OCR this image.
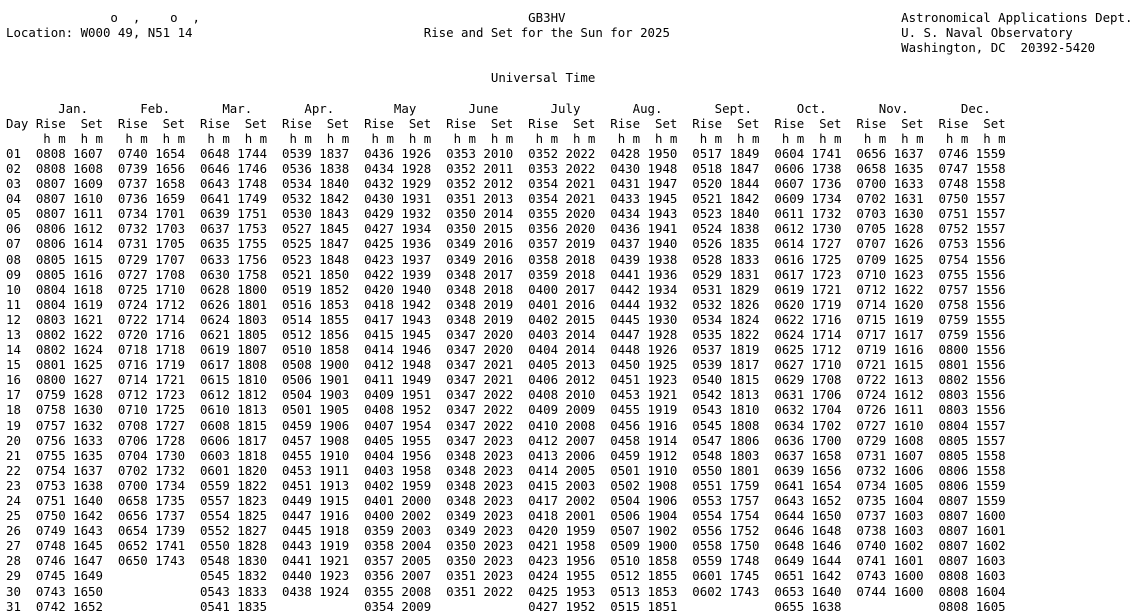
o  ,    o  ,                                            GB3HV                                             Astronomical Applications Dept.
Location: W000 49, N51 14                               Rise and Set for the Sun for 2025                               U. S. Naval Observatory
Washington, DC  20392-5420

Universal Time

Jan.       Feb.       Mar.       Apr.        May       June       July       Aug.       Sept.      Oct.       Nov.       Dec.
Day Rise  Set  Rise  Set  Rise  Set  Rise  Set  Rise  Set  Rise  Set  Rise  Set  Rise  Set  Rise  Set  Rise  Set  Rise  Set  Rise  Set
h m  h m   h m  h m   h m  h m   h m  h m   h m  h m   h m  h m   h m  h m   h m  h m   h m  h m   h m  h m   h m  h m   h m  h m
01  0808 1607  0740 1654  0648 1744  0539 1837  0436 1926  0353 2010  0352 2022  0428 1950  0517 1849  0604 1741  0656 1637  0746 1559
02  0808 1608  0739 1656  0646 1746  0536 1838  0434 1928  0352 2011  0353 2022  0430 1948  0518 1847  0606 1738  0658 1635  0747 1558
03  0807 1609  0737 1658  0643 1748  0534 1840  0432 1929  0352 2012  0354 2021  0431 1947  0520 1844  0607 1736  0700 1633  0748 1558
04  0807 1610  0736 1659  0641 1749  0532 1842  0430 1931  0351 2013  0354 2021  0433 1945  0521 1842  0609 1734  0702 1631  0750 1557
05  0807 1611  0734 1701  0639 1751  0530 1843  0429 1932  0350 2014  0355 2020  0434 1943  0523 1840  0611 1732  0703 1630  0751 1557
06  0806 1612  0732 1703  0637 1753  0527 1845  0427 1934  0350 2015  0356 2020  0436 1941  0524 1838  0612 1730  0705 1628  0752 1557
07  0806 1614  0731 1705  0635 1755  0525 1847  0425 1936  0349 2016  0357 2019  0437 1940  0526 1835  0614 1727  0707 1626  0753 1556
08  0805 1615  0729 1707  0633 1756  0523 1848  0423 1937  0349 2016  0358 2018  0439 1938  0528 1833  0616 1725  0709 1625  0754 1556
09  0805 1616  0727 1708  0630 1758  0521 1850  0422 1939  0348 2017  0359 2018  0441 1936  0529 1831  0617 1723  0710 1623  0755 1556
10  0804 1618  0725 1710  0628 1800  0519 1852  0420 1940  0348 2018  0400 2017  0442 1934  0531 1829  0619 1721  0712 1622  0757 1556
11  0804 1619  0724 1712  0626 1801  0516 1853  0418 1942  0348 2019  0401 2016  0444 1932  0532 1826  0620 1719  0714 1620  0758 1556
12  0803 1621  0722 1714  0624 1803  0514 1855  0417 1943  0348 2019  0402 2015  0445 1930  0534 1824  0622 1716  0715 1619  0759 1555
13  0802 1622  0720 1716  0621 1805  0512 1856  0415 1945  0347 2020  0403 2014  0447 1928  0535 1822  0624 1714  0717 1617  0759 1556
14  0802 1624  0718 1718  0619 1807  0510 1858  0414 1946  0347 2020  0404 2014  0448 1926  0537 1819  0625 1712  0719 1616  0800 1556
15  0801 1625  0716 1719  0617 1808  0508 1900  0412 1948  0347 2021  0405 2013  0450 1925  0539 1817  0627 1710  0721 1615  0801 1556
16  0800 1627  0714 1721  0615 1810  0506 1901  0411 1949  0347 2021  0406 2012  0451 1923  0540 1815  0629 1708  0722 1613  0802 1556
17  0759 1628  0712 1723  0612 1812  0504 1903  0409 1951  0347 2022  0408 2010  0453 1921  0542 1813  0631 1706  0724 1612  0803 1556
18  0758 1630  0710 1725  0610 1813  0501 1905  0408 1952  0347 2022  0409 2009  0455 1919  0543 1810  0632 1704  0726 1611  0803 1556
19  0757 1632  0708 1727  0608 1815  0459 1906  0407 1954  0347 2022  0410 2008  0456 1916  0545 1808  0634 1702  0727 1610  0804 1557
20  0756 1633  0706 1728  0606 1817  0457 1908  0405 1955  0347 2023  0412 2007  0458 1914  0547 1806  0636 1700  0729 1608  0805 1557
21  0755 1635  0704 1730  0603 1818  0455 1910  0404 1956  0348 2023  0413 2006  0459 1912  0548 1803  0637 1658  0731 1607  0805 1558
22  0754 1637  0702 1732  0601 1820  0453 1911  0403 1958  0348 2023  0414 2005  0501 1910  0550 1801  0639 1656  0732 1606  0806 1558
23  0753 1638  0700 1734  0559 1822  0451 1913  0402 1959  0348 2023  0415 2003  0502 1908  0551 1759  0641 1654  0734 1605  0806 1559
24  0751 1640  0658 1735  0557 1823  0449 1915  0401 2000  0348 2023  0417 2002  0504 1906  0553 1757  0643 1652  0735 1604  0807 1559
25  0750 1642  0656 1737  0554 1825  0447 1916  0400 2002  0349 2023  0418 2001  0506 1904  0554 1754  0644 1650  0737 1603  0807 1600
26  0749 1643  0654 1739  0552 1827  0445 1918  0359 2003  0349 2023  0420 1959  0507 1902  0556 1752  0646 1648  0738 1603  0807 1601
27  0748 1645  0652 1741  0550 1828  0443 1919  0358 2004  0350 2023  0421 1958  0509 1900  0558 1750  0648 1646  0740 1602  0807 1602
28  0746 1647  0650 1743  0548 1830  0441 1921  0357 2005  0350 2023  0423 1956  0510 1858  0559 1748  0649 1644  0741 1601  0807 1603
29  0745 1649             0545 1832  0440 1923  0356 2007  0351 2023  0424 1955  0512 1855  0601 1745  0651 1642  0743 1600  0808 1603
30  0743 1650             0543 1833  0438 1924  0355 2008  0351 2022  0425 1953  0513 1853  0602 1743  0653 1640  0744 1600  0808 1604
31  0742 1652             0541 1835             0354 2009             0427 1952  0515 1851             0655 1638             0808 1605
